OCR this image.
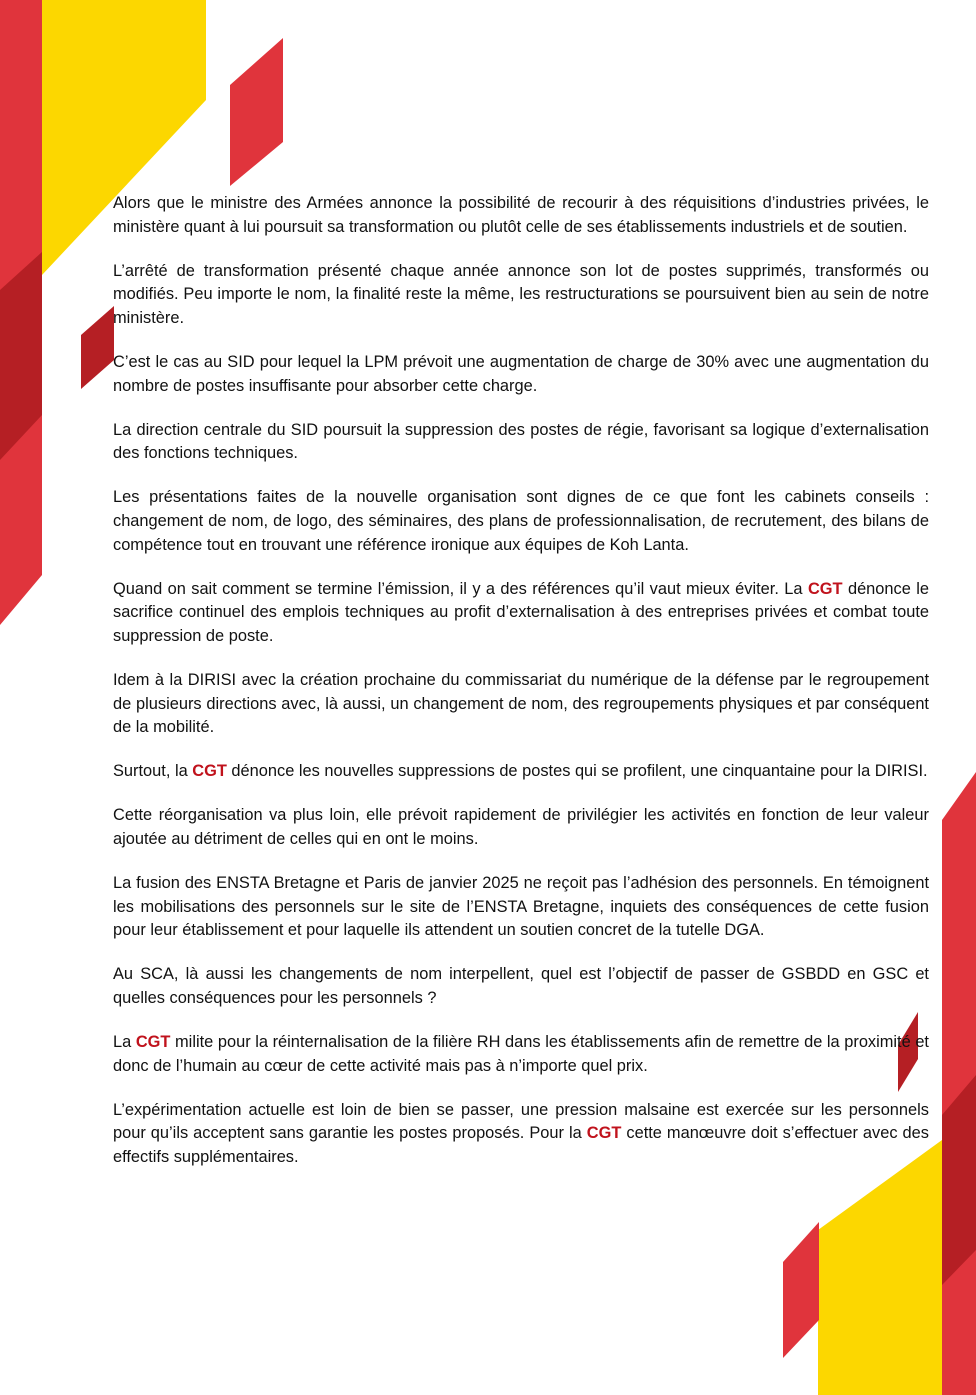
Alors que le ministre des Armées annonce la possibilité de recourir à des réquisitions d’industries privées, le ministère quant à lui poursuit sa transformation ou plutôt celle de ses établissements industriels et de soutien.

L’arrêté de transformation présenté chaque année annonce son lot de postes supprimés, transformés ou modifiés. Peu importe le nom, la finalité reste la même, les restructurations se poursuivent bien au sein de notre ministère.

C’est le cas au SID pour lequel la LPM prévoit une augmentation de charge de 30% avec une augmentation du nombre de postes insuffisante pour absorber cette charge.

La direction centrale du SID poursuit la suppression des postes de régie, favorisant sa logique d’externalisation des fonctions techniques.

Les présentations faites de la nouvelle organisation sont dignes de ce que font les cabinets conseils : changement de nom, de logo, des séminaires, des plans de professionnalisation, de recrutement, des bilans de compétence tout en trouvant une référence ironique aux équipes de Koh Lanta.

Quand on sait comment se termine l’émission, il y a des références qu’il vaut mieux éviter. La CGT dénonce le sacrifice continuel des emplois techniques au profit d’externalisation à des entreprises privées et combat toute suppression de poste.

Idem à la DIRISI avec la création prochaine du commissariat du numérique de la défense par le regroupement de plusieurs directions avec, là aussi, un changement de nom, des regroupements physiques et par conséquent de la mobilité.

Surtout, la CGT dénonce les nouvelles suppressions de postes qui se profilent, une cinquantaine pour la DIRISI.

Cette réorganisation va plus loin, elle prévoit rapidement de privilégier les activités en fonction de leur valeur ajoutée au détriment de celles qui en ont le moins.

La fusion des ENSTA Bretagne et Paris de janvier 2025 ne reçoit pas l’adhésion des personnels. En témoignent les mobilisations des personnels sur le site de l’ENSTA Bretagne, inquiets des conséquences de cette fusion pour leur établissement et pour laquelle ils attendent un soutien concret de la tutelle DGA.

Au SCA, là aussi les changements de nom interpellent, quel est l’objectif de passer de GSBDD en GSC et quelles conséquences pour les personnels ?

La CGT milite pour la réinternalisation de la filière RH dans les établissements afin de remettre de la proximité et donc de l’humain au cœur de cette activité mais pas à n’importe quel prix.

L’expérimentation actuelle est loin de bien se passer, une pression malsaine est exercée sur les personnels pour qu’ils acceptent sans garantie les postes proposés. Pour la CGT cette manœuvre doit s’effectuer avec des effectifs supplémentaires.
